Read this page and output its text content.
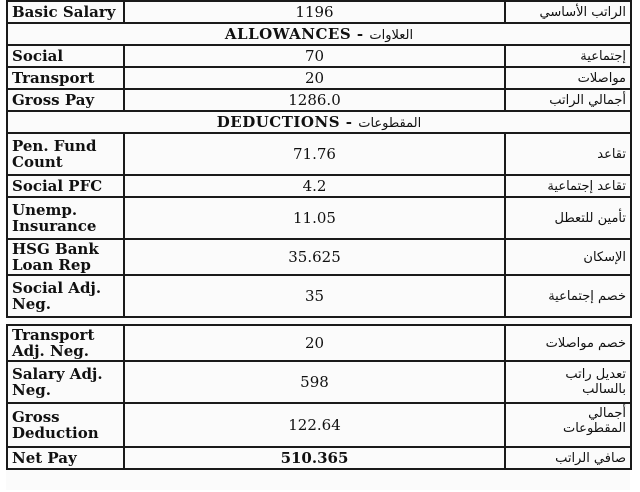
Basic Salary	1196	الراتب الأساسي
ALLOWANCES - العلاوات		
Social	70	إجتماعية
Transport	20	مواصلات
Gross Pay	1286.0	أجمالي الراتب
DEDUCTIONS - المقطوعات		
Pen. Fund
Count	71.76	تقاعد
Social PFC	4.2	تقاعد إجتماعية
Unemp.
Insurance	11.05	تأمين للتعطل
HSG Bank
Loan Rep	35.625	الإسكان
Social Adj.
Neg.	35	خصم إجتماعية

Transport
Adj. Neg.	20	خصم مواصلات
Salary Adj.
Neg.	598	تعديل راتب
بالسالب
Gross
Deduction	122.64	أجمالي
المقطوعات
Net Pay	510.365	صافي الراتب
